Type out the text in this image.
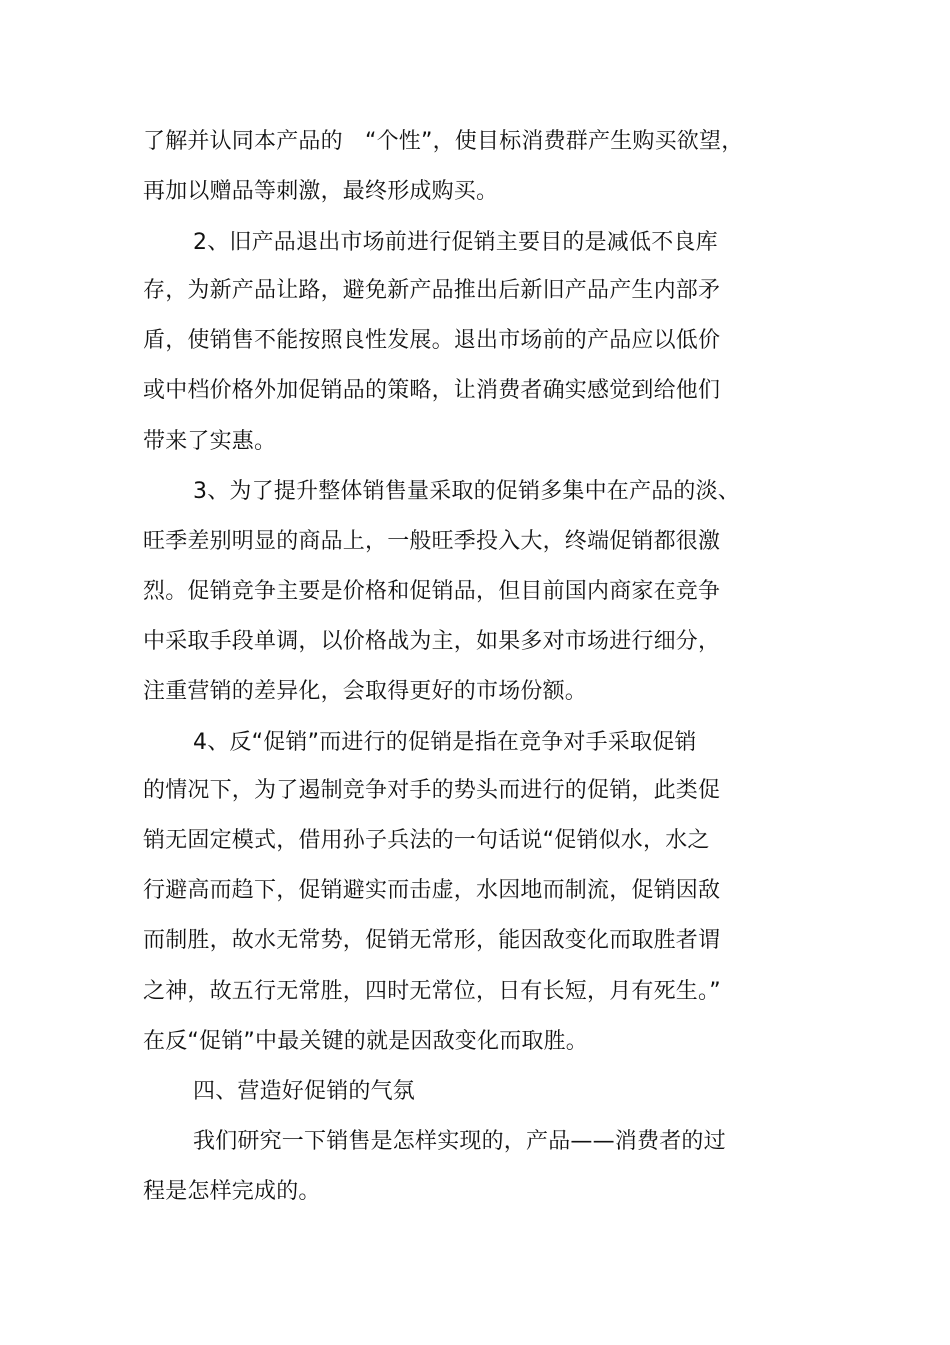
了解并认同本产品的　“个性”，使目标消费群产生购买欲望，
再加以赠品等刺激，最终形成购买。
2、旧产品退出市场前进行促销主要目的是减低不良库
存，为新产品让路，避免新产品推出后新旧产品产生内部矛
盾，使销售不能按照良性发展。退出市场前的产品应以低价
或中档价格外加促销品的策略，让消费者确实感觉到给他们
带来了实惠。
3、为了提升整体销售量采取的促销多集中在产品的淡、
旺季差别明显的商品上，一般旺季投入大，终端促销都很激
烈。促销竞争主要是价格和促销品，但目前国内商家在竞争
中采取手段单调，以价格战为主，如果多对市场进行细分，
注重营销的差异化，会取得更好的市场份额。
4、反“促销”而进行的促销是指在竞争对手采取促销
的情况下，为了遏制竞争对手的势头而进行的促销，此类促
销无固定模式，借用孙子兵法的一句话说“促销似水，水之
行避高而趋下，促销避实而击虚，水因地而制流，促销因敌
而制胜，故水无常势，促销无常形，能因敌变化而取胜者谓
之神，故五行无常胜，四时无常位，日有长短，月有死生。”
在反“促销”中最关键的就是因敌变化而取胜。
四、营造好促销的气氛
我们研究一下销售是怎样实现的，产品——消费者的过
程是怎样完成的。
